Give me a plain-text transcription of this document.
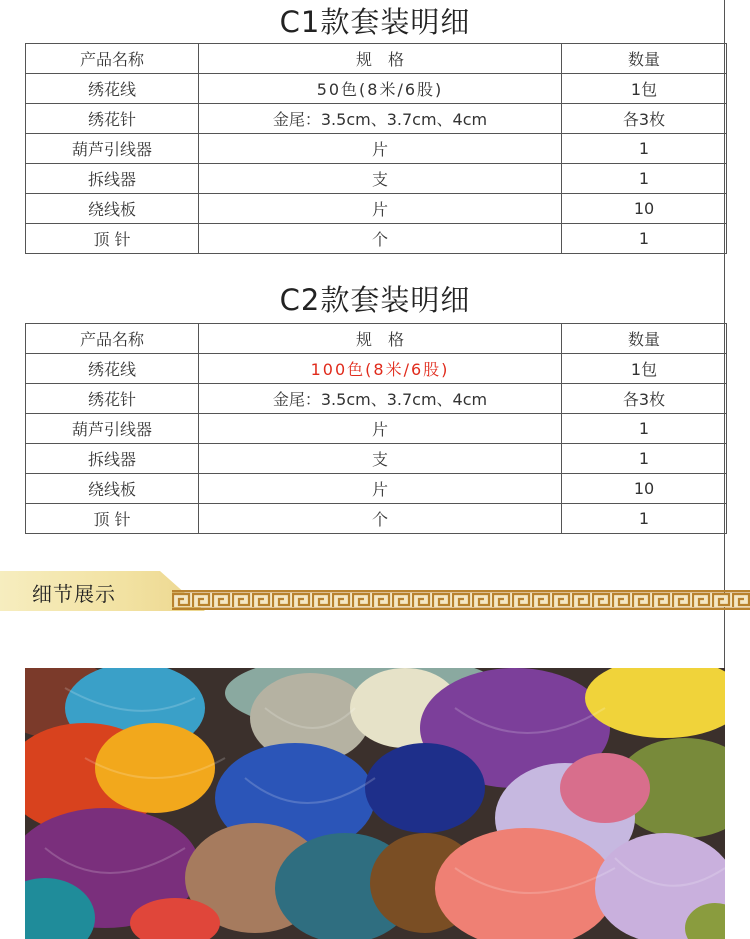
C1款套装明细
产品名称	规　格	数量
绣花线	50色(8米/6股)	1包
绣花针	金尾：3.5cm、3.7cm、4cm	各3枚
葫芦引线器	片	1
拆线器	支	1
绕线板	片	10
顶 针	个	1
C2款套装明细
产品名称	规　格	数量
绣花线	100色(8米/6股)	1包
绣花针	金尾：3.5cm、3.7cm、4cm	各3枚
葫芦引线器	片	1
拆线器	支	1
绕线板	片	10
顶 针	个	1
细节展示
